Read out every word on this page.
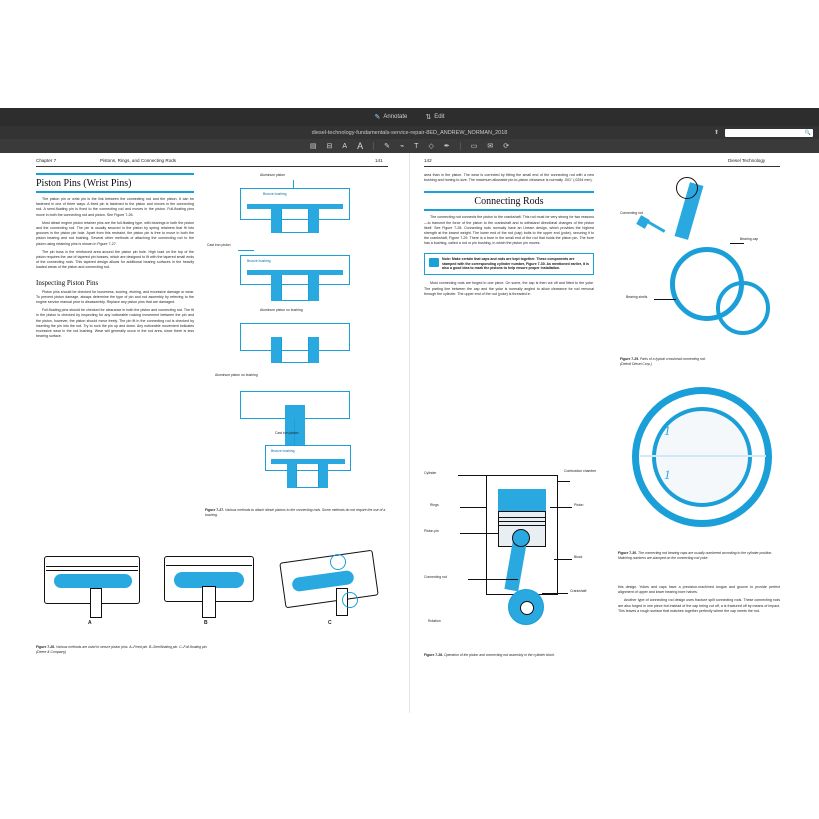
✎ Annotate	⇅ Edit
diesel-technology-fundamentals-service-repair-8ED_ANDREW_NORMAN_2018	⬆	🔍
▤ ⊟ A A	✎ ⌁ T ◇ ✒	▭ ✉ ⟳
Chapter 7	Pistons, Rings, and Connecting Rods	141
Piston Pins (Wrist Pins)
The piston pin or wrist pin is the link between the connecting rod and the piston. It can be fastened in one of three ways. A fixed pin is fastened to the piston and moves in the connecting rod. A semi-floating pin is fixed to the connecting rod and moves in the piston. Full-floating pins move in both the connecting rod and piston. See Figure 7-26.
Most diesel engine piston retainer pins are the full-floating type, with bearings in both the piston and the connecting rod. The pin is usually secured in the piston by spring retainers that fit into grooves in the piston pin hole. Apart from this restraint, the piston pin is free to move in both the piston bearing and rod bushing. Several other methods of attaching the connecting rod to the piston using retaining pins is shown in Figure 7-27.
The pin boss is the reinforced area around the piston pin hole. High load on the top of the piston requires the use of tapered pin bosses, which are designed to fit with the tapered small ends of the connecting rods. This tapered design allows for additional bearing surfaces in the heavily loaded areas of the piston and connecting rod.
Inspecting Piston Pins
Piston pins should be checked for looseness, scoring, etching, and excessive damage or wear. To prevent piston damage, always determine the type of pin and rod assembly by referring to the engine service manual prior to disassembly. Replace any piston pins that are damaged.
Full-floating pins should be checked for clearance in both the piston and connecting rod. The fit in the piston is checked by inspecting for any noticeable rocking movement between the pin and the piston, however, the piston should move freely. The pin fit in the connecting rod is checked by inserting the pin into the rod. Try to rock the pin up and down. Any noticeable movement indicates excessive wear in the rod bushing. Wear will generally occur in the rod area, since there is less bearing surface.
Aluminum piston
Bronze bushing
Cast iron piston
Bronze bushing
Aluminum piston no bushing
Aluminum piston no bushing
Cast iron piston
Bronze bushing
Figure 7-27. Various methods to attach diesel pistons to the connecting rods. Some methods do not require the use of a bushing.
A	B	C
Figure 7-26. Various methods are used to secure piston pins. A–Fixed pin. B–Semifloating pin. C–Full-floating pin.
(Deere & Company)
142	Diesel Technology
area than in the piston. The wear is corrected by fitting the small end of the connecting rod with a new bushing and honing to size. The maximum allowable pin-to-piston clearance is normally .001" (.0254 mm).
Connecting Rods
The connecting rod connects the piston to the crankshaft. This rod must be very strong for two reasons—to transmit the force of the piston to the crankshaft and to withstand directional changes of the piston itself. See Figure 7-28. Connecting rods normally have an I-beam design, which provides the highest strength at the lowest weight. The lower end of the rod (cap) bolts to the upper end (yoke), securing it to the crankshaft, Figure 7-29. There is a bore in the small end of the rod that holds the piston pin. The bore has a bushing, called a rod or pin bushing, in which the piston pin moves.
Note: Make certain that caps and rods are kept together. These components are stamped with the corresponding cylinder number, Figure 7-30. As mentioned earlier, it is also a good idea to mark the pistons to help ensure proper installation.
Most connecting rods are forged in one piece. On some, the cap is then cut off and fitted to the yoke. The parting line between the cap and the yoke is normally angled to allow clearance for rod removal through the cylinder. The upper end of the rod (yoke) is threaded in
Cylinder	Combustion chamber
Rings	Piston
Piston pin
Block
Connecting rod
Crankshaft
Rotation
Figure 7-28. Operation of the piston and connecting rod assembly in the cylinder block.
Connecting rod
Bearing cap
Bearing shells
Figure 7-29. Parts of a typical crosshead connecting rod.
(Detroit Diesel Corp.)
1
1
Figure 7-30. The connecting rod bearing caps are usually numbered according to the cylinder position. Matching numbers are stamped on the connecting rod yoke.
this design. Yokes and caps have a precision-machined tongue and groove to provide perfect alignment of upper and lower bearing bore halves.
Another type of connecting rod design uses fracture split connecting rods. These connecting rods are also forged in one piece but instead of the cap being cut off, a is fractured off by means of impact. This leaves a rough surface that matches together perfectly where the cap meets the rod.
